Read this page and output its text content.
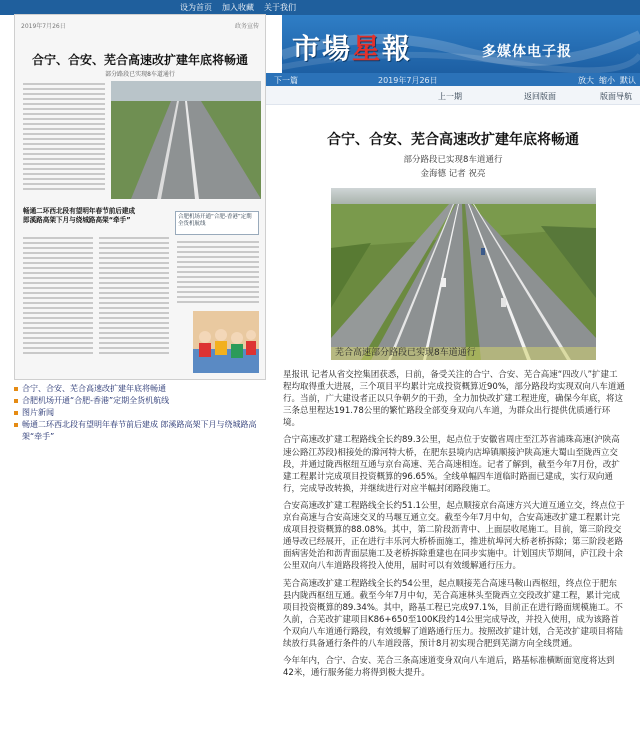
设为首页 加入收藏 关于我们
市場星報	多媒体电子报
下一篇	2019年7月26日	放大 缩小 默认
上一期	返回版面	版面导航
2019年7月26日	政务宣传
合宁、合安、芜合高速改扩建年底将畅通
部分路段已实现8车道通行
畅通二环西北段有望明年春节前后建成 郎溪路高架下月与绕城路高架“牵手”	合肥机场开通“合肥-香港”定期全货机航线
合宁、合安、芜合高速改扩建年底将畅通
合肥机场开通“合肥-香港”定期全货机航线
图片新闻
畅通二环西北段有望明年春节前后建成 郎溪路高架下月与绕城路高架“牵手”
合宁、合安、芜合高速改扩建年底将畅通
部分路段已实现8车道通行
金海德 记者 祝亮
芜合高速部分路段已实现8车道通行

星报讯 记者从省交控集团获悉，日前，备受关注的合宁、合安、芜合高速“四改八”扩建工程均取得重大进展，三个项目平均累计完成投资概算近90%，部分路段均实现双向八车道通行。当前，广大建设者正以只争朝夕的干劲，全力加快改扩建工程进度，确保今年底，将这三条总里程达191.78公里的繁忙路段全部变身双向八车道，为群众出行提供优质通行环境。

合宁高速改扩建工程路线全长约89.3公里，起点位于安徽省周庄至江苏省浦珠高速(沪陕高速公路江苏段)相接处的滁河特大桥，在肥东县境内店埠镇顺接沪陕高速大蜀山至陇西立交段，并通过陇西枢纽互通与京台高速、芜合高速相连。记者了解到，截至今年7月份，改扩建工程累计完成项目投资概算的96.65%。全线单幅四车道临时路面已建成，实行双向通行，完成导改转换，并继续进行对应半幅封闭路段施工。

合安高速改扩建工程路线全长约51.1公里，起点顺接京台高速方兴大道互通立交，终点位于京台高速与合安高速交叉的马堰互通立交。截至今年7月中旬，合安高速改扩建工程累计完成项目投资概算的88.08%。其中，第二阶段沥青中、上面层收尾施工。目前，第三阶段交通导改已经展开，正在进行丰乐河大桥桥面施工，推进杭埠河大桥老桥拆除；第三阶段老路面病害处治和沥青面层施工及老桥拆除重建也在同步实施中。计划国庆节期间，庐江段十余公里双向八车道路段将投入使用，届时可以有效缓解通行压力。

芜合高速改扩建工程路线全长约54公里，起点顺接芜合高速马鞍山西枢纽，终点位于肥东县内陇西枢纽互通。截至今年7月中旬，芜合高速林头至陇西立交段改扩建工程，累计完成项目投资概算的89.34%。其中，路基工程已完成97.1%，目前正在进行路面规模施工。不久前，合芜改扩建项目K86+650至100K段约14公里完成导改，并投入使用，成为该路首个双向八车道通行路段，有效缓解了道路通行压力。按照改扩建计划，合芜改扩建项目将陆续放行具备通行条件的八车道段落，预计8月初实现合肥到芜湖方向全线贯通。

今年年内，合宁、合安、芜合三条高速道变身双向八车道后，路基标准横断面宽度将达到42米，通行服务能力将得到极大提升。
